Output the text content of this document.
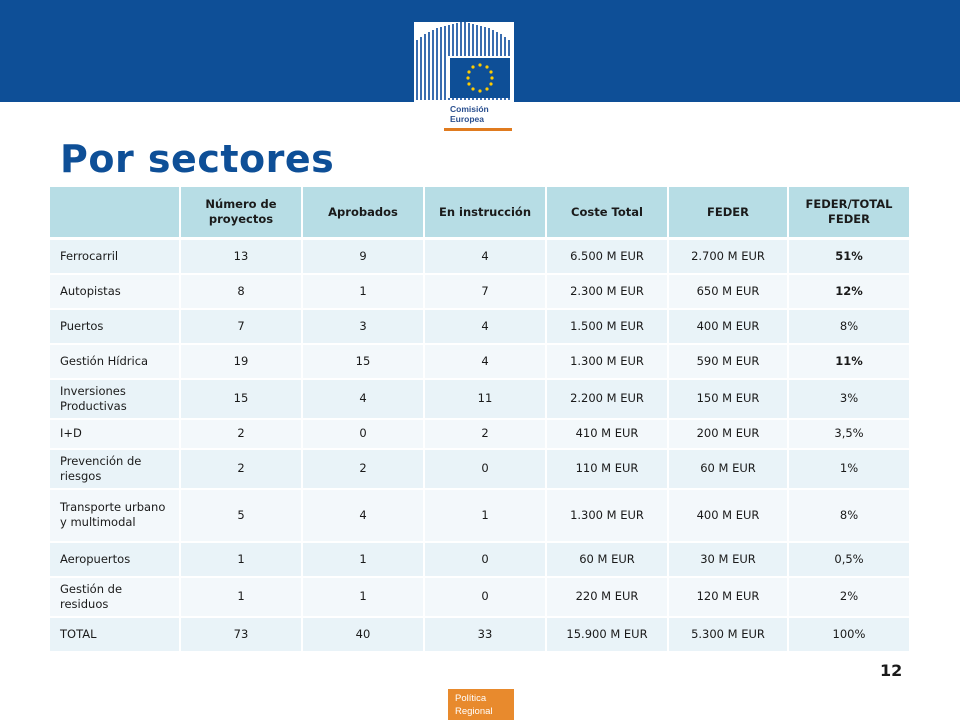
Comisión
Europea
Por sectores
	Número de proyectos	Aprobados	En instrucción	Coste Total	FEDER	FEDER/TOTAL FEDER
Ferrocarril	13	9	4	6.500 M EUR	2.700 M EUR	51%
Autopistas	8	1	7	2.300 M EUR	650 M EUR	12%
Puertos	7	3	4	1.500 M EUR	400 M EUR	8%
Gestión Hídrica	19	15	4	1.300 M EUR	590 M EUR	11%
Inversiones Productivas	15	4	11	2.200 M EUR	150 M EUR	3%
I+D	2	0	2	410 M EUR	200 M EUR	3,5%
Prevención de riesgos	2	2	0	110 M EUR	60 M EUR	1%
Transporte urbano y multimodal	5	4	1	1.300 M EUR	400 M EUR	8%
Aeropuertos	1	1	0	60 M EUR	30 M EUR	0,5%
Gestión de residuos	1	1	0	220 M EUR	120 M EUR	2%
TOTAL	73	40	33	15.900 M EUR	5.300 M EUR	100%
12
Política
Regional
